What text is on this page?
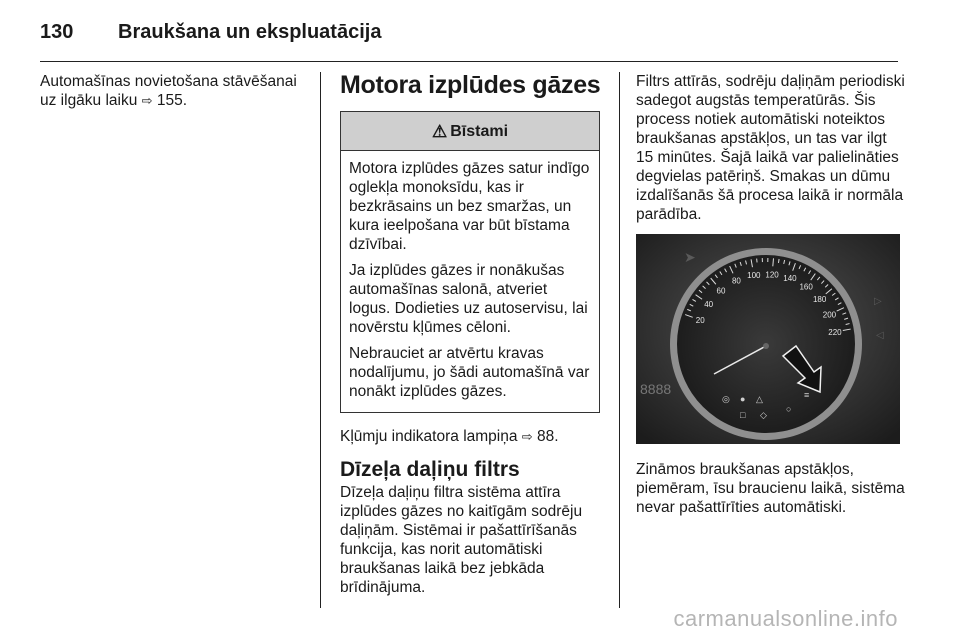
130	Braukšana un ekspluatācija

Automašīnas novietošana stāvēšanai uz ilgāku laiku ⇨ 155.

Motora izplūdes gāzes
⚠ Bīstami

Motora izplūdes gāzes satur indīgo oglekļa monoksīdu, kas ir bezkrāsains un bez smaržas, un kura ieelpošana var būt bīstama dzīvībai.

Ja izplūdes gāzes ir nonākušas automašīnas salonā, atveriet logus. Dodieties uz autoservisu, lai novērstu kļūmes cēloni.

Nebrauciet ar atvērtu kravas nodalījumu, jo šādi automašīnā var nonākt izplūdes gāzes.

Kļūmju indikatora lampiņa ⇨ 88.

Dīzeļa daļiņu filtrs

Dīzeļa daļiņu filtra sistēma attīra izplūdes gāzes no kaitīgām sodrēju daļiņām. Sistēmai ir pašattīrīšanās funkcija, kas norit automātiski braukšanas laikā bez jebkāda brīdinājuma.

Filtrs attīrās, sodrēju daļiņām periodiski sadegot augstās temperatūrās. Šis process notiek automātiski noteiktos braukšanas apstākļos, un tas var ilgt 15 minūtes. Šajā laikā var palielināties degvielas patēriņš. Smakas un dūmu izdalīšanās šā procesa laikā ir normāla parādība.

20
40
60
80
100 120 140
160
180
200
220
◎ ● △
□ ◇
○
≡
8888
➤
▷
◁

Zināmos braukšanas apstākļos, piemēram, īsu braucienu laikā, sistēma nevar pašattīrīties automātiski.

carmanualsonline.info
